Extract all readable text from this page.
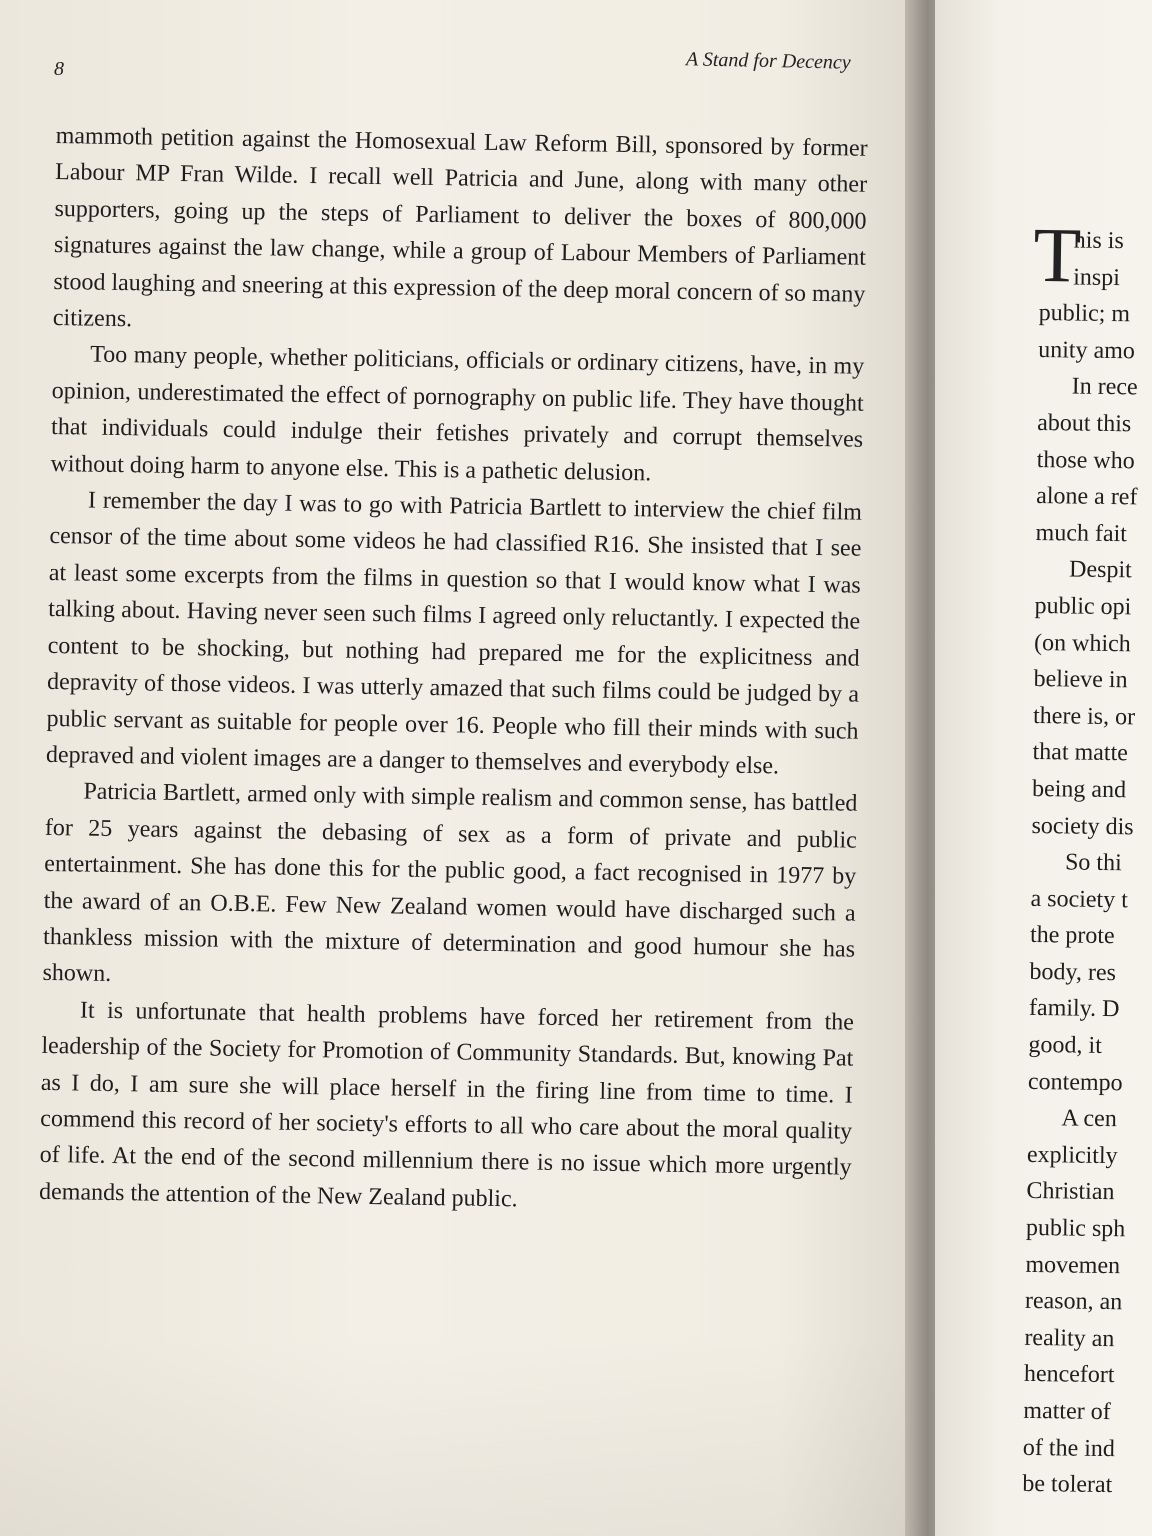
8	A Stand for Decency

mammoth petition against the Homosexual Law Reform Bill, sponsored by former Labour MP Fran Wilde. I recall well Patricia and June, along with many other supporters, going up the steps of Parliament to deliver the boxes of 800,000 signatures against the law change, while a group of Labour Members of Parliament stood laughing and sneering at this expression of the deep moral concern of so many citizens.

Too many people, whether politicians, officials or ordinary citizens, have, in my opinion, underestimated the effect of pornography on public life. They have thought that individuals could indulge their fetishes privately and corrupt themselves without doing harm to anyone else. This is a pathetic delusion.

I remember the day I was to go with Patricia Bartlett to interview the chief film censor of the time about some videos he had classified R16. She insisted that I see at least some excerpts from the films in question so that I would know what I was talking about. Having never seen such films I agreed only reluctantly. I expected the content to be shocking, but nothing had prepared me for the explicitness and depravity of those videos. I was utterly amazed that such films could be judged by a public servant as suitable for people over 16. People who fill their minds with such depraved and violent images are a danger to themselves and everybody else.

Patricia Bartlett, armed only with simple realism and common sense, has battled for 25 years against the debasing of sex as a form of private and public entertainment. She has done this for the public good, a fact recognised in 1977 by the award of an O.B.E. Few New Zealand women would have discharged such a thankless mission with the mixture of determination and good humour she has shown.

It is unfortunate that health problems have forced her retirement from the leadership of the Society for Promotion of Community Standards. But, knowing Pat as I do, I am sure she will place herself in the firing line from time to time. I commend this record of her society's efforts to all who care about the moral quality of life. At the end of the second millennium there is no issue which more urgently demands the attention of the New Zealand public.

T
his is
inspi
public; m
unity amo
In rece
about this
those who
alone a ref
much fait
Despit
public opi
(on which
believe in
there is, or
that matte
being and
society dis
So thi
a society t
the prote
body, res
family. D
good, it
contempo
A cen
explicitly
Christian
public sph
movemen
reason, an
reality an
hencefort
matter of
of the ind
be tolerat
